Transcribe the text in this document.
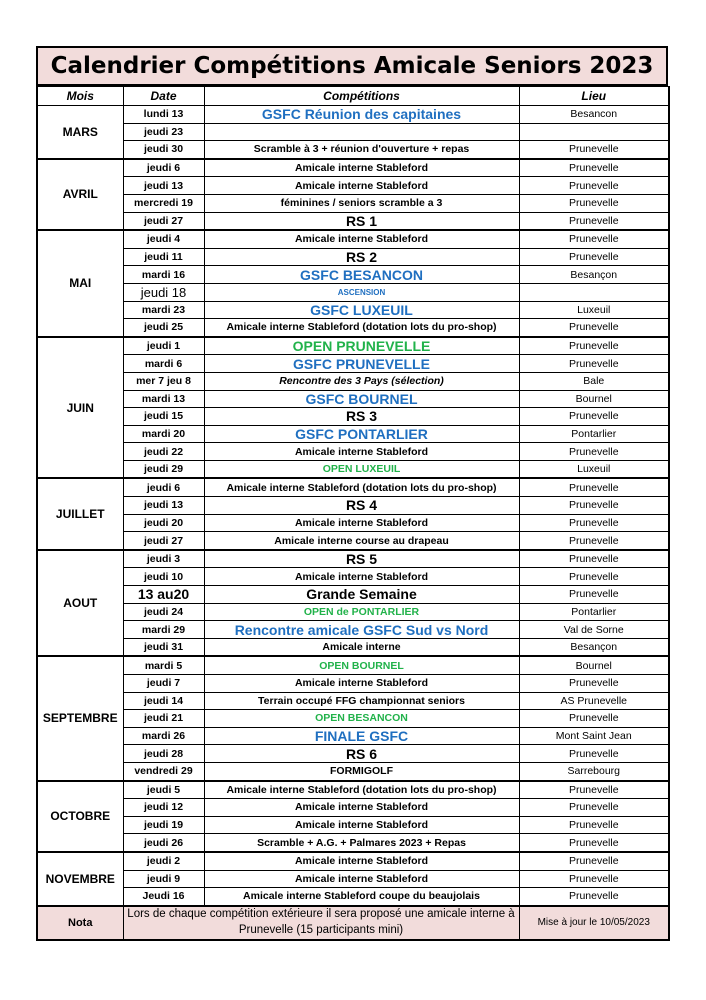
Calendrier Compétitions Amicale Seniors 2023
Mois	Date	Compétitions	Lieu
MARS	lundi 13	GSFC Réunion des capitaines	Besancon
	jeudi 23		
	jeudi 30	Scramble à 3 + réunion d'ouverture + repas	Prunevelle
AVRIL	jeudi 6	Amicale interne Stableford	Prunevelle
	jeudi 13	Amicale interne Stableford	Prunevelle
	mercredi 19	féminines / seniors scramble a 3	Prunevelle
	jeudi 27	RS 1	Prunevelle
MAI	jeudi 4	Amicale interne Stableford	Prunevelle
	jeudi 11	RS 2	Prunevelle
	mardi 16	GSFC BESANCON	Besançon
	jeudi 18	ASCENSION	
	mardi 23	GSFC LUXEUIL	Luxeuil
	jeudi 25	Amicale interne Stableford (dotation lots du pro-shop)	Prunevelle
JUIN	jeudi 1	OPEN PRUNEVELLE	Prunevelle
	mardi 6	GSFC PRUNEVELLE	Prunevelle
	mer 7 jeu 8	Rencontre des 3 Pays (sélection)	Bale
	mardi 13	GSFC BOURNEL	Bournel
	jeudi 15	RS 3	Prunevelle
	mardi 20	GSFC PONTARLIER	Pontarlier
	jeudi 22	Amicale interne Stableford	Prunevelle
	jeudi 29	OPEN LUXEUIL	Luxeuil
JUILLET	jeudi 6	Amicale interne Stableford (dotation lots du pro-shop)	Prunevelle
	jeudi 13	RS 4	Prunevelle
	jeudi 20	Amicale interne Stableford	Prunevelle
	jeudi 27	Amicale interne course au drapeau	Prunevelle
AOUT	jeudi 3	RS 5	Prunevelle
	jeudi 10	Amicale interne Stableford	Prunevelle
	13 au20	Grande Semaine	Prunevelle
	jeudi 24	OPEN de PONTARLIER	Pontarlier
	mardi 29	Rencontre amicale GSFC Sud vs Nord	Val de Sorne
	jeudi 31	Amicale interne	Besançon
SEPTEMBRE	mardi 5	OPEN BOURNEL	Bournel
	jeudi 7	Amicale interne Stableford	Prunevelle
	jeudi 14	Terrain occupé FFG championnat seniors	AS Prunevelle
	jeudi 21	OPEN BESANCON	Prunevelle
	mardi 26	FINALE GSFC	Mont Saint Jean
	jeudi 28	RS 6	Prunevelle
	vendredi 29	FORMIGOLF	Sarrebourg
OCTOBRE	jeudi 5	Amicale interne Stableford (dotation lots du pro-shop)	Prunevelle
	jeudi 12	Amicale interne Stableford	Prunevelle
	jeudi 19	Amicale interne Stableford	Prunevelle
	jeudi 26	Scramble + A.G. + Palmares 2023 + Repas	Prunevelle
NOVEMBRE	jeudi 2	Amicale interne Stableford	Prunevelle
	jeudi 9	Amicale interne Stableford	Prunevelle
	Jeudi 16	Amicale interne Stableford coupe du beaujolais	Prunevelle
Nota	Lors de chaque compétition extérieure il sera proposé une amicale interne à Prunevelle (15 participants mini)		Mise à jour le 10/05/2023
